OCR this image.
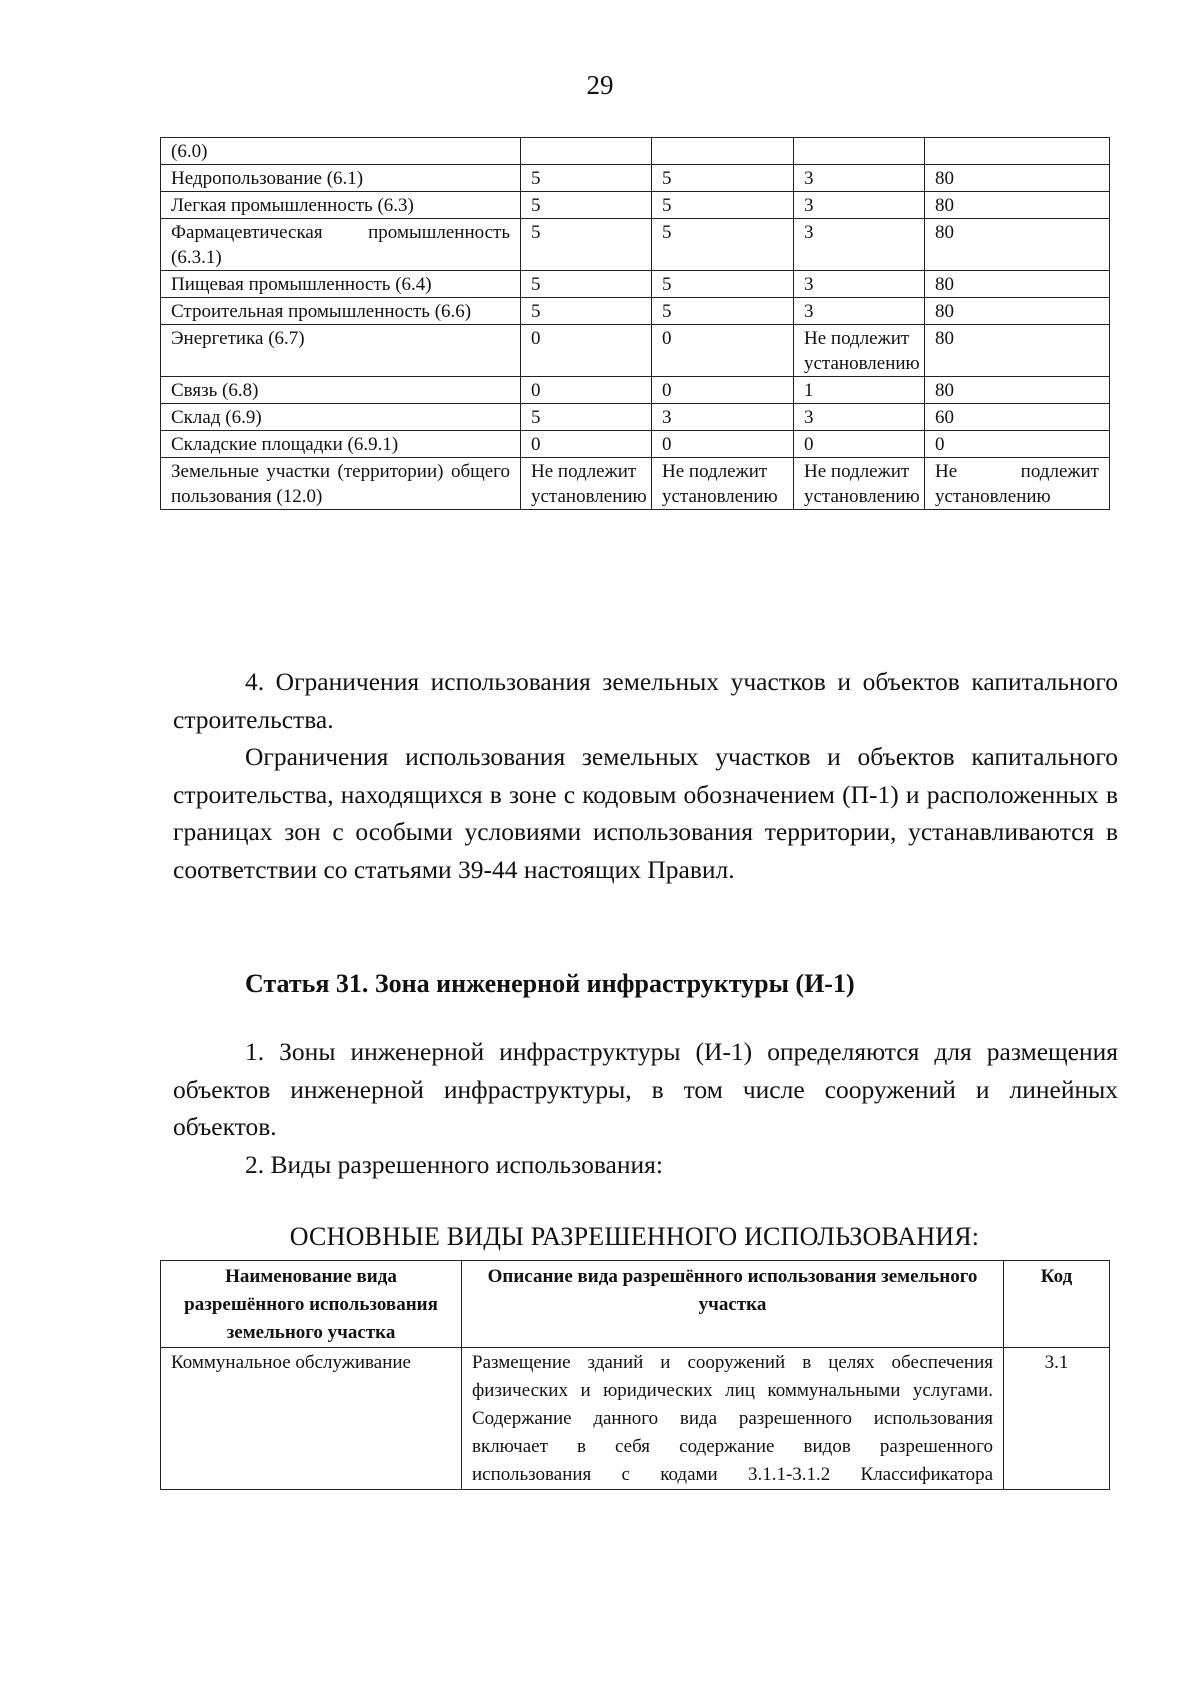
29
(6.0)				
Недропользование (6.1)	5	5	3	80
Легкая промышленность (6.3)	5	5	3	80
Фармацевтическая промышленность (6.3.1)	5	5	3	80
Пищевая промышленность (6.4)	5	5	3	80
Строительная промышленность (6.6)	5	5	3	80
Энергетика (6.7)	0	0	Не подлежит установлению	80
Связь (6.8)	0	0	1	80
Склад (6.9)	5	3	3	60
Складские площадки (6.9.1)	0	0	0	0
Земельные участки (территории) общего пользования (12.0)	Не подлежит установлению	Не подлежит установлению	Не подлежит установлению	Не подлежит установлению

4. Ограничения использования земельных участков и объектов капитального строительства.

Ограничения использования земельных участков и объектов капитального строительства, находящихся в зоне с кодовым обозначением (П-1) и расположенных в границах зон с особыми условиями использования территории, устанавливаются в соответствии со статьями 39-44 настоящих Правил.

Статья 31. Зона инженерной инфраструктуры (И-1)

1. Зоны инженерной инфраструктуры (И-1) определяются для размещения объектов инженерной инфраструктуры, в том числе сооружений и линейных объектов.

2. Виды разрешенного использования:

ОСНОВНЫЕ ВИДЫ РАЗРЕШЕННОГО ИСПОЛЬЗОВАНИЯ:
Наименование вида разрешённого использования земельного участка	Описание вида разрешённого использования земельного участка	Код
Коммунальное обслуживание	Размещение зданий и сооружений в целях обеспечения физических и юридических лиц коммунальными услугами. Содержание данного вида разрешенного использования включает в себя содержание видов разрешенного использования с кодами 3.1.1-3.1.2 Классификатора	3.1
